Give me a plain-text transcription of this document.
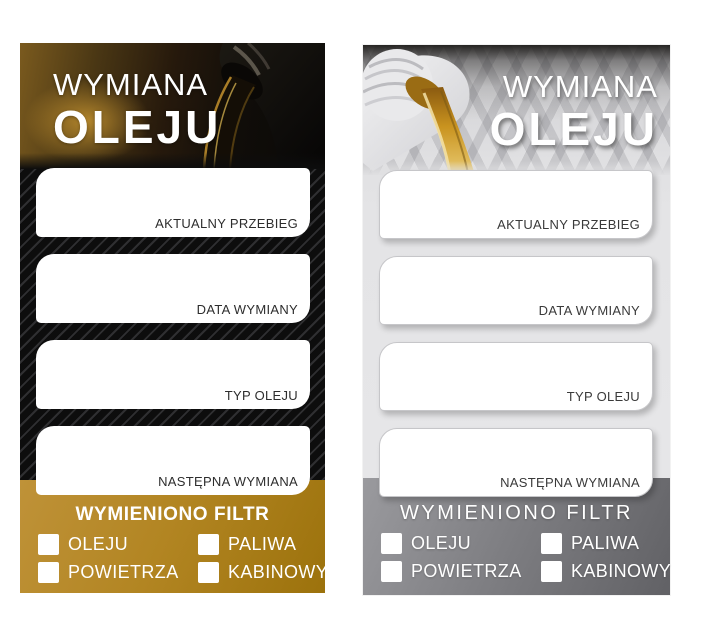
WYMIANA
OLEJU
AKTUALNY PRZEBIEG
DATA WYMIANY
TYP OLEJU
NASTĘPNA WYMIANA
WYMIENIONO FILTR
OLEJU	PALIWA
POWIETRZA	KABINOWY
WYMIANA
OLEJU
AKTUALNY PRZEBIEG
DATA WYMIANY
TYP OLEJU
NASTĘPNA WYMIANA
WYMIENIONO FILTR
OLEJU	PALIWA
POWIETRZA	KABINOWY
